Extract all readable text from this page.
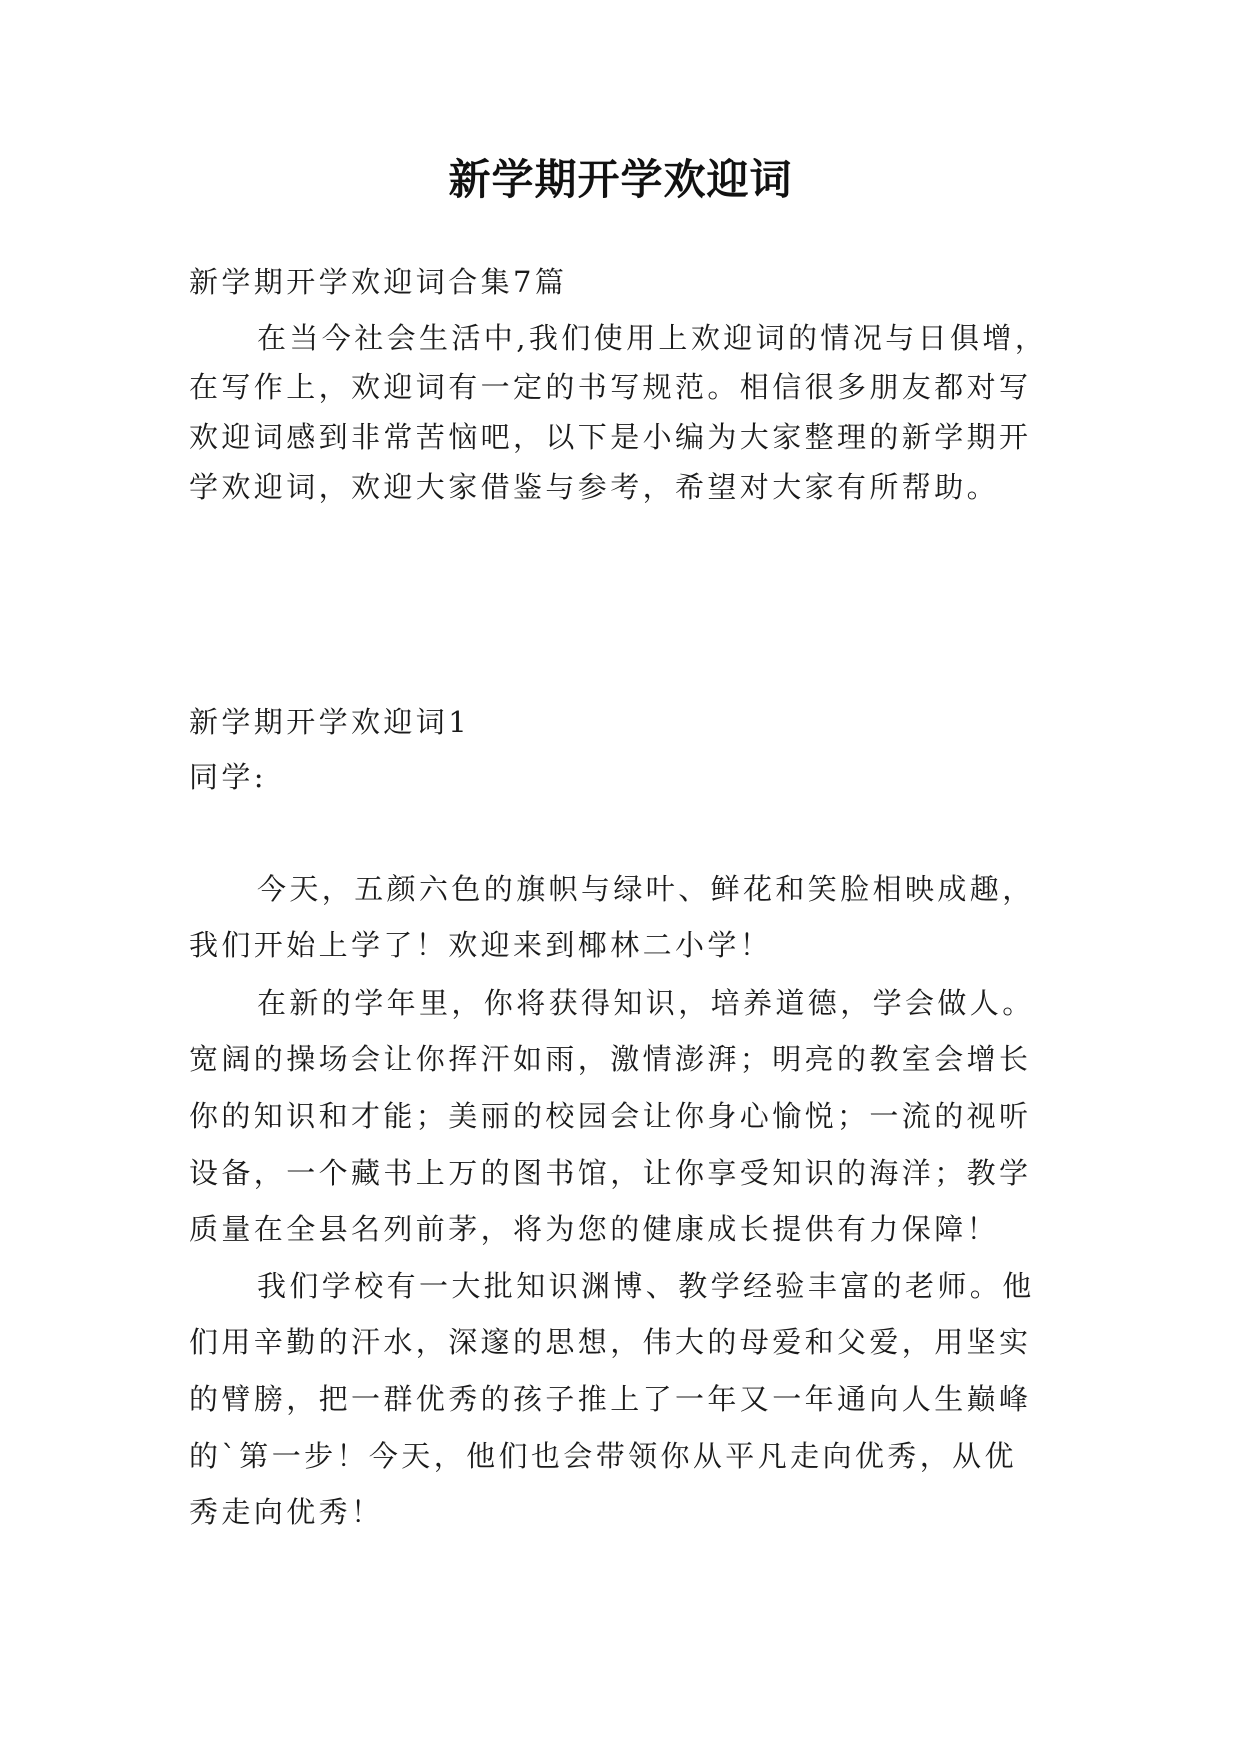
新学期开学欢迎词
新学期开学欢迎词合集7篇
在当今社会生活中,我们使用上欢迎词的情况与日俱增，
在写作上，欢迎词有一定的书写规范。相信很多朋友都对写
欢迎词感到非常苦恼吧，以下是小编为大家整理的新学期开
学欢迎词，欢迎大家借鉴与参考，希望对大家有所帮助。
新学期开学欢迎词1
同学:
今天，五颜六色的旗帜与绿叶、鲜花和笑脸相映成趣，
我们开始上学了！欢迎来到椰林二小学！
在新的学年里，你将获得知识，培养道德，学会做人。
宽阔的操场会让你挥汗如雨，激情澎湃；明亮的教室会增长
你的知识和才能；美丽的校园会让你身心愉悦；一流的视听
设备，一个藏书上万的图书馆，让你享受知识的海洋；教学
质量在全县名列前茅，将为您的健康成长提供有力保障！
我们学校有一大批知识渊博、教学经验丰富的老师。他
们用辛勤的汗水，深邃的思想，伟大的母爱和父爱，用坚实
的臂膀，把一群优秀的孩子推上了一年又一年通向人生巅峰
的`第一步！今天，他们也会带领你从平凡走向优秀，从优
秀走向优秀！
